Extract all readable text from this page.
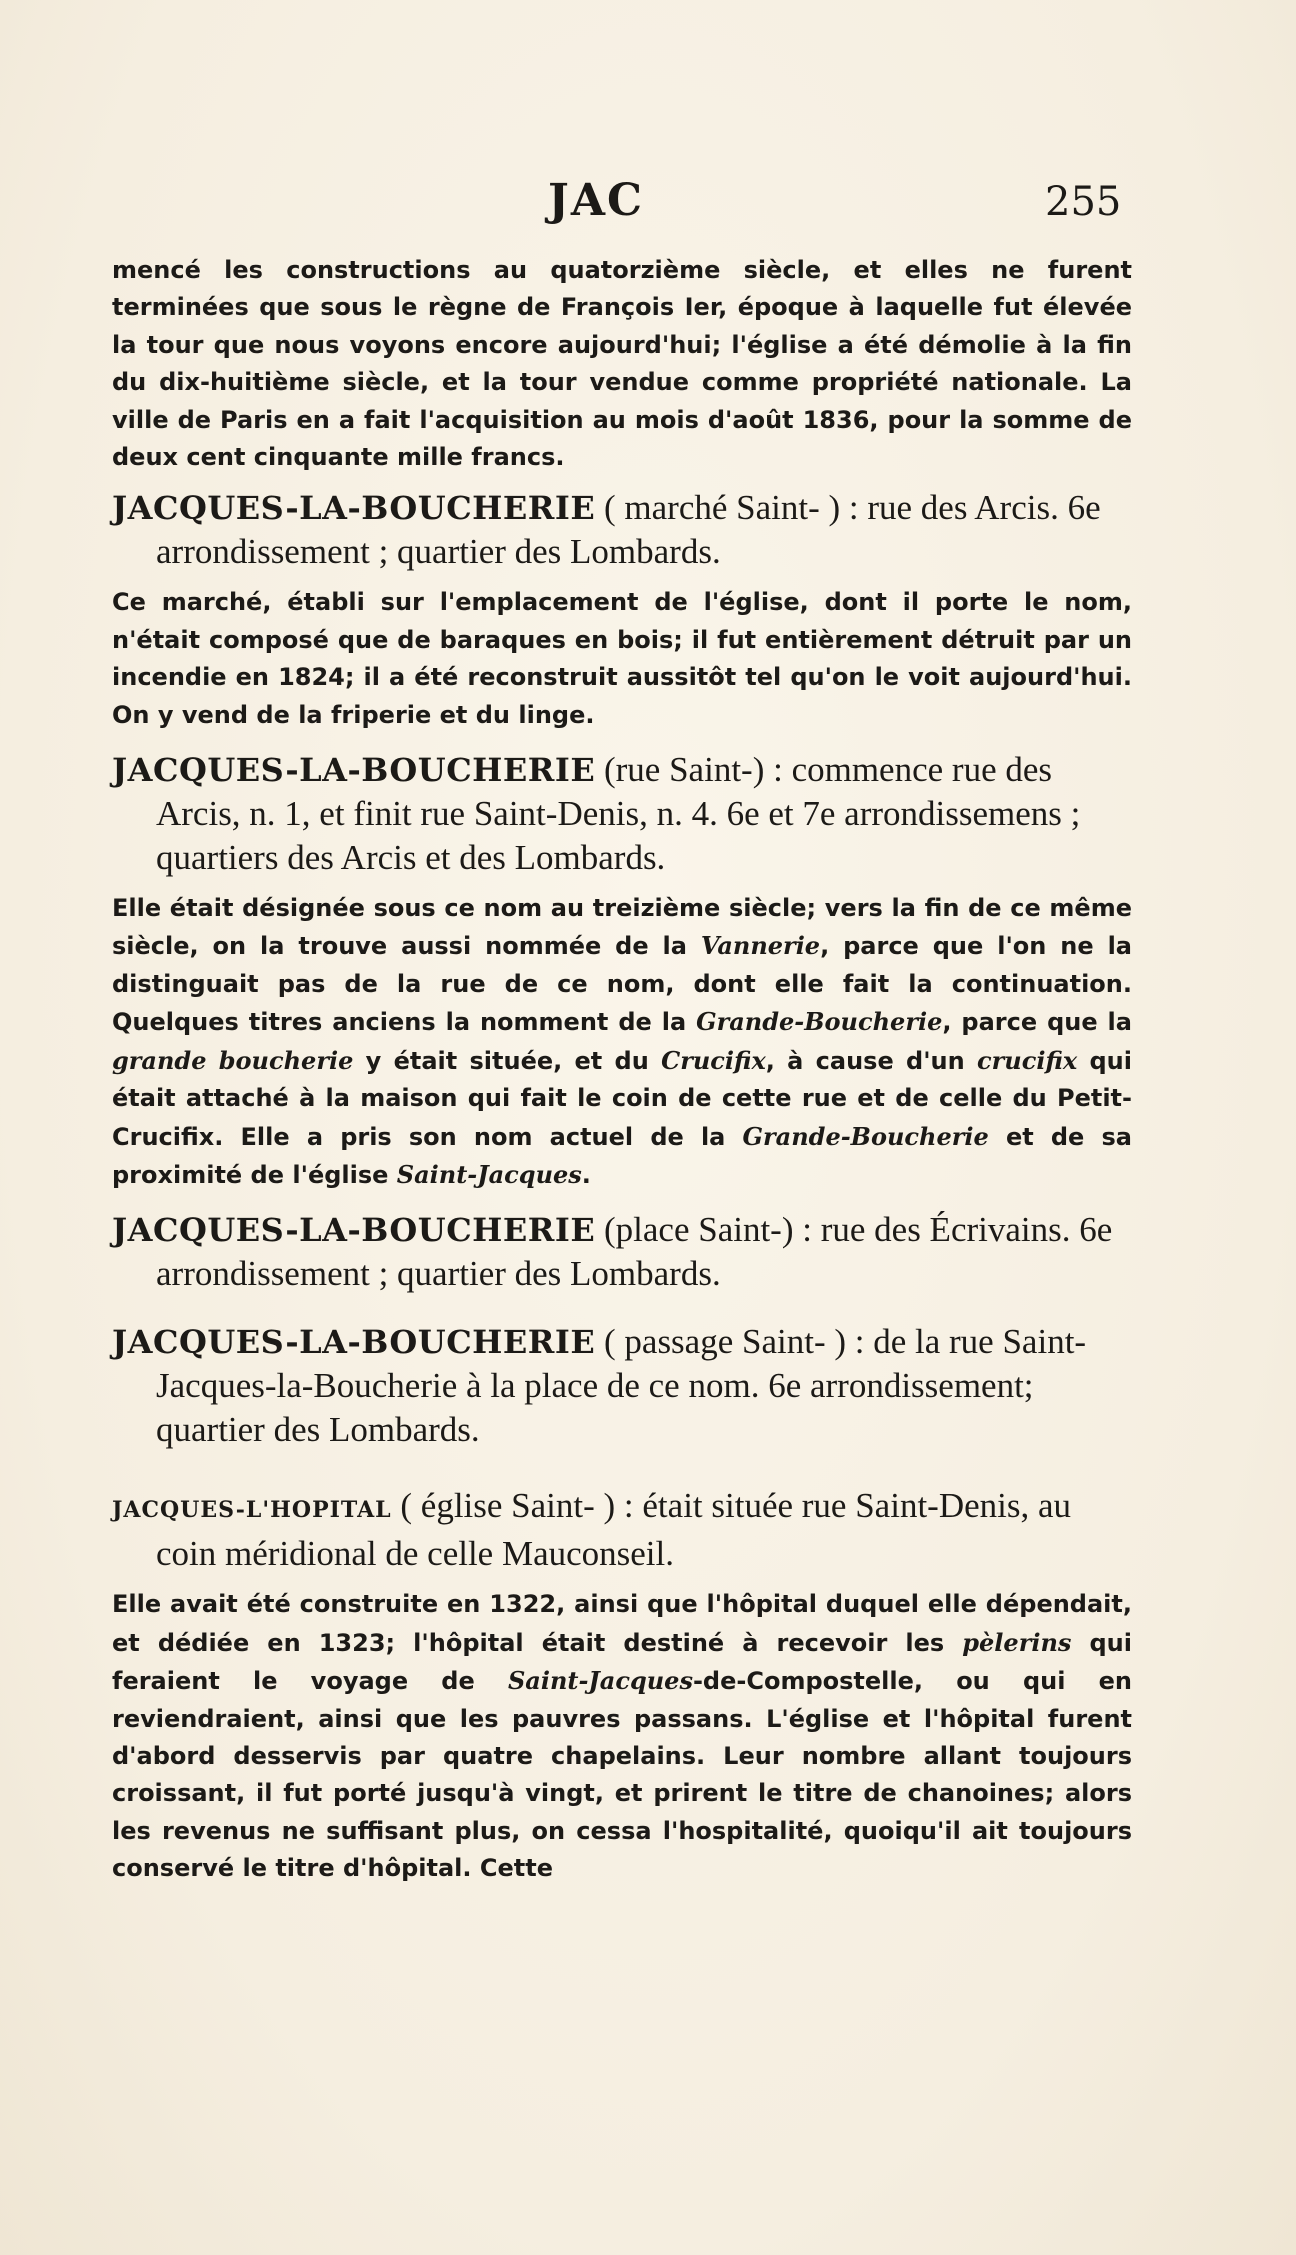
JAC	255

mencé les constructions au quatorzième siècle, et elles ne furent terminées que sous le règne de François Ier, époque à laquelle fut élevée la tour que nous voyons encore aujourd'hui; l'église a été démolie à la fin du dix-huitième siècle, et la tour vendue comme propriété nationale. La ville de Paris en a fait l'acquisition au mois d'août 1836, pour la somme de deux cent cinquante mille francs.

JACQUES-LA-BOUCHERIE ( marché Saint- ) : rue des Arcis. 6e arrondissement ; quartier des Lombards.

Ce marché, établi sur l'emplacement de l'église, dont il porte le nom, n'était composé que de baraques en bois; il fut entièrement détruit par un incendie en 1824; il a été reconstruit aussitôt tel qu'on le voit aujourd'hui. On y vend de la friperie et du linge.

JACQUES-LA-BOUCHERIE (rue Saint-) : commence rue des Arcis, n. 1, et finit rue Saint-Denis, n. 4. 6e et 7e arrondissemens ; quartiers des Arcis et des Lombards.

Elle était désignée sous ce nom au treizième siècle; vers la fin de ce même siècle, on la trouve aussi nommée de la Vannerie, parce que l'on ne la distinguait pas de la rue de ce nom, dont elle fait la continuation. Quelques titres anciens la nomment de la Grande-Boucherie, parce que la grande boucherie y était située, et du Crucifix, à cause d'un crucifix qui était attaché à la maison qui fait le coin de cette rue et de celle du Petit-Crucifix. Elle a pris son nom actuel de la Grande-Boucherie et de sa proximité de l'église Saint-Jacques.

JACQUES-LA-BOUCHERIE (place Saint-) : rue des Écrivains. 6e arrondissement ; quartier des Lombards.

JACQUES-LA-BOUCHERIE ( passage Saint- ) : de la rue Saint-Jacques-la-Boucherie à la place de ce nom. 6e arrondissement; quartier des Lombards.

JACQUES-L'HOPITAL ( église Saint- ) : était située rue Saint-Denis, au coin méridional de celle Mauconseil.

Elle avait été construite en 1322, ainsi que l'hôpital duquel elle dépendait, et dédiée en 1323; l'hôpital était destiné à recevoir les pèlerins qui feraient le voyage de Saint-Jacques-de-Compostelle, ou qui en reviendraient, ainsi que les pauvres passans. L'église et l'hôpital furent d'abord desservis par quatre chapelains. Leur nombre allant toujours croissant, il fut porté jusqu'à vingt, et prirent le titre de chanoines; alors les revenus ne suffisant plus, on cessa l'hospitalité, quoiqu'il ait toujours conservé le titre d'hôpital. Cette
